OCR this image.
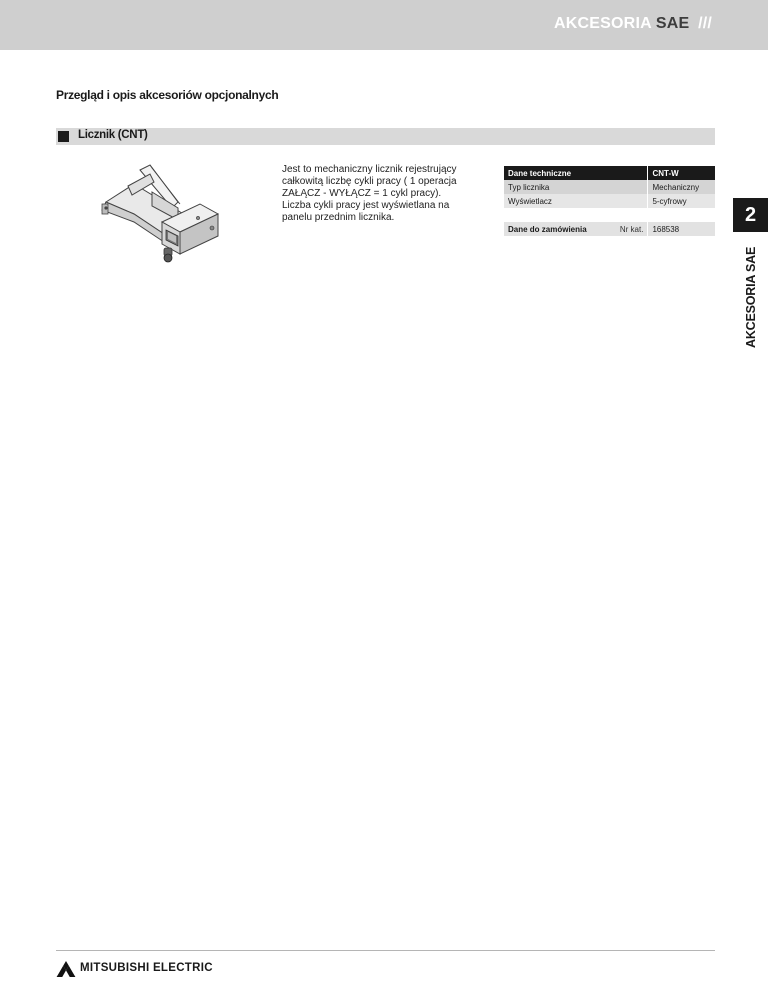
AKCESORIA SAE ///
Przegląd i opis akcesoriów opcjonalnych
Licznik (CNT)

Jest to mechaniczny licznik rejestrujący całkowitą liczbę cykli pracy ( 1 operacja ZAŁĄCZ - WYŁĄCZ = 1 cykl pracy).

Liczba cykli pracy jest wyświetlana na panelu przednim licznika.

Dane techniczne		CNT-W
Typ licznika		Mechaniczny
Wyświetlacz		5-cyfrowy

Dane do zamówienia	Nr kat.	168538
2
AKCESORIA SAE
MITSUBISHI ELECTRIC
